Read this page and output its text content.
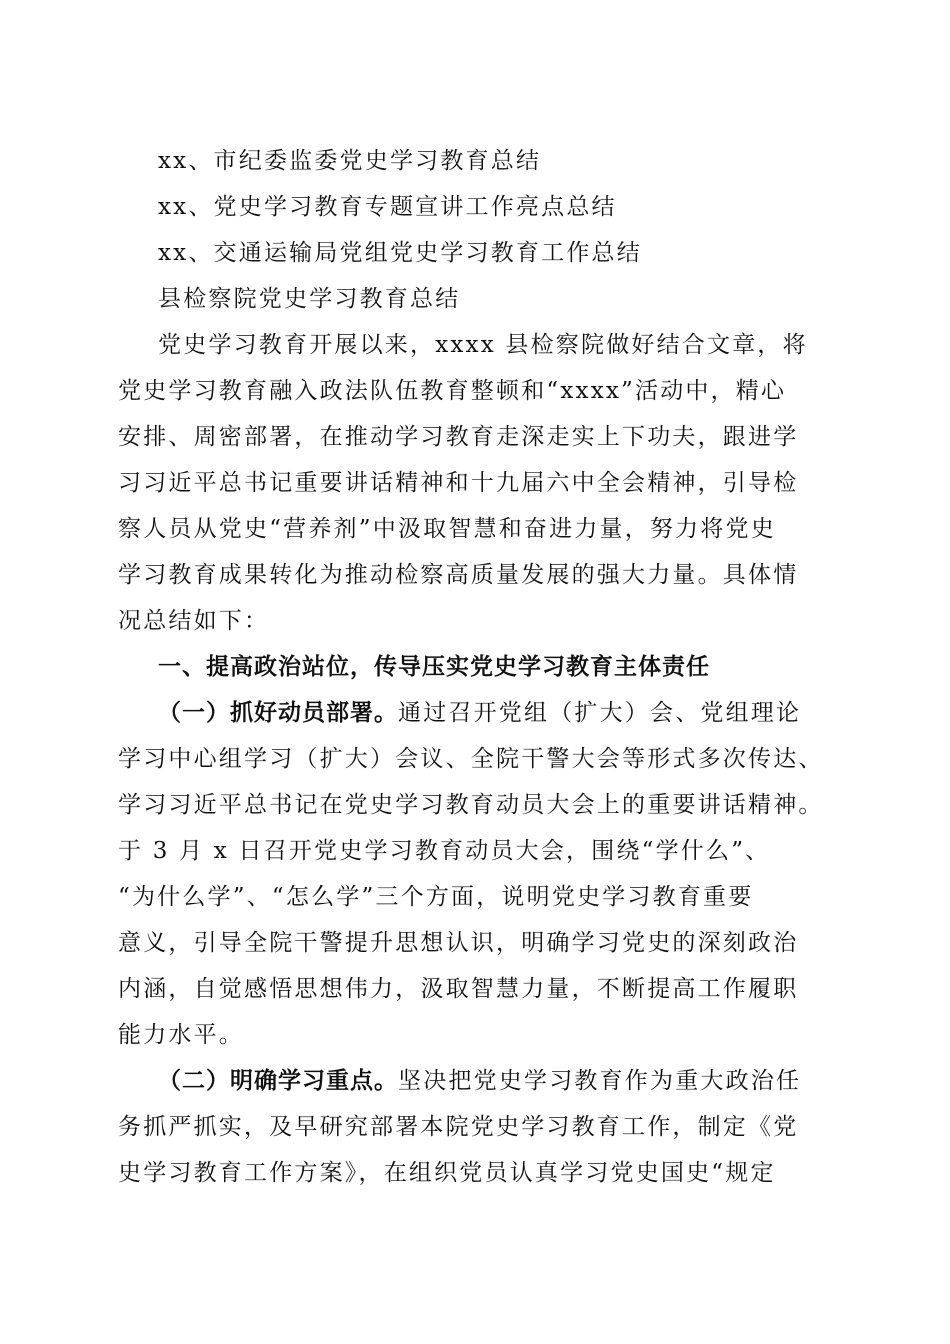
xx、市纪委监委党史学习教育总结
xx、党史学习教育专题宣讲工作亮点总结
xx、交通运输局党组党史学习教育工作总结
县检察院党史学习教育总结
党史学习教育开展以来，xxxx 县检察院做好结合文章，将
党史学习教育融入政法队伍教育整顿和“xxxx”活动中，精心
安排、周密部署，在推动学习教育走深走实上下功夫，跟进学
习习近平总书记重要讲话精神和十九届六中全会精神，引导检
察人员从党史“营养剂”中汲取智慧和奋进力量，努力将党史
学习教育成果转化为推动检察高质量发展的强大力量。具体情
况总结如下：
一、提高政治站位，传导压实党史学习教育主体责任
（一）抓好动员部署。通过召开党组（扩大）会、党组理论
学习中心组学习（扩大）会议、全院干警大会等形式多次传达、
学习习近平总书记在党史学习教育动员大会上的重要讲话精神。
于 3 月 x 日召开党史学习教育动员大会，围绕“学什么”、
“为什么学”、“怎么学”三个方面，说明党史学习教育重要
意义，引导全院干警提升思想认识，明确学习党史的深刻政治
内涵，自觉感悟思想伟力，汲取智慧力量，不断提高工作履职
能力水平。
（二）明确学习重点。坚决把党史学习教育作为重大政治任
务抓严抓实，及早研究部署本院党史学习教育工作，制定《党
史学习教育工作方案》，在组织党员认真学习党史国史“规定
